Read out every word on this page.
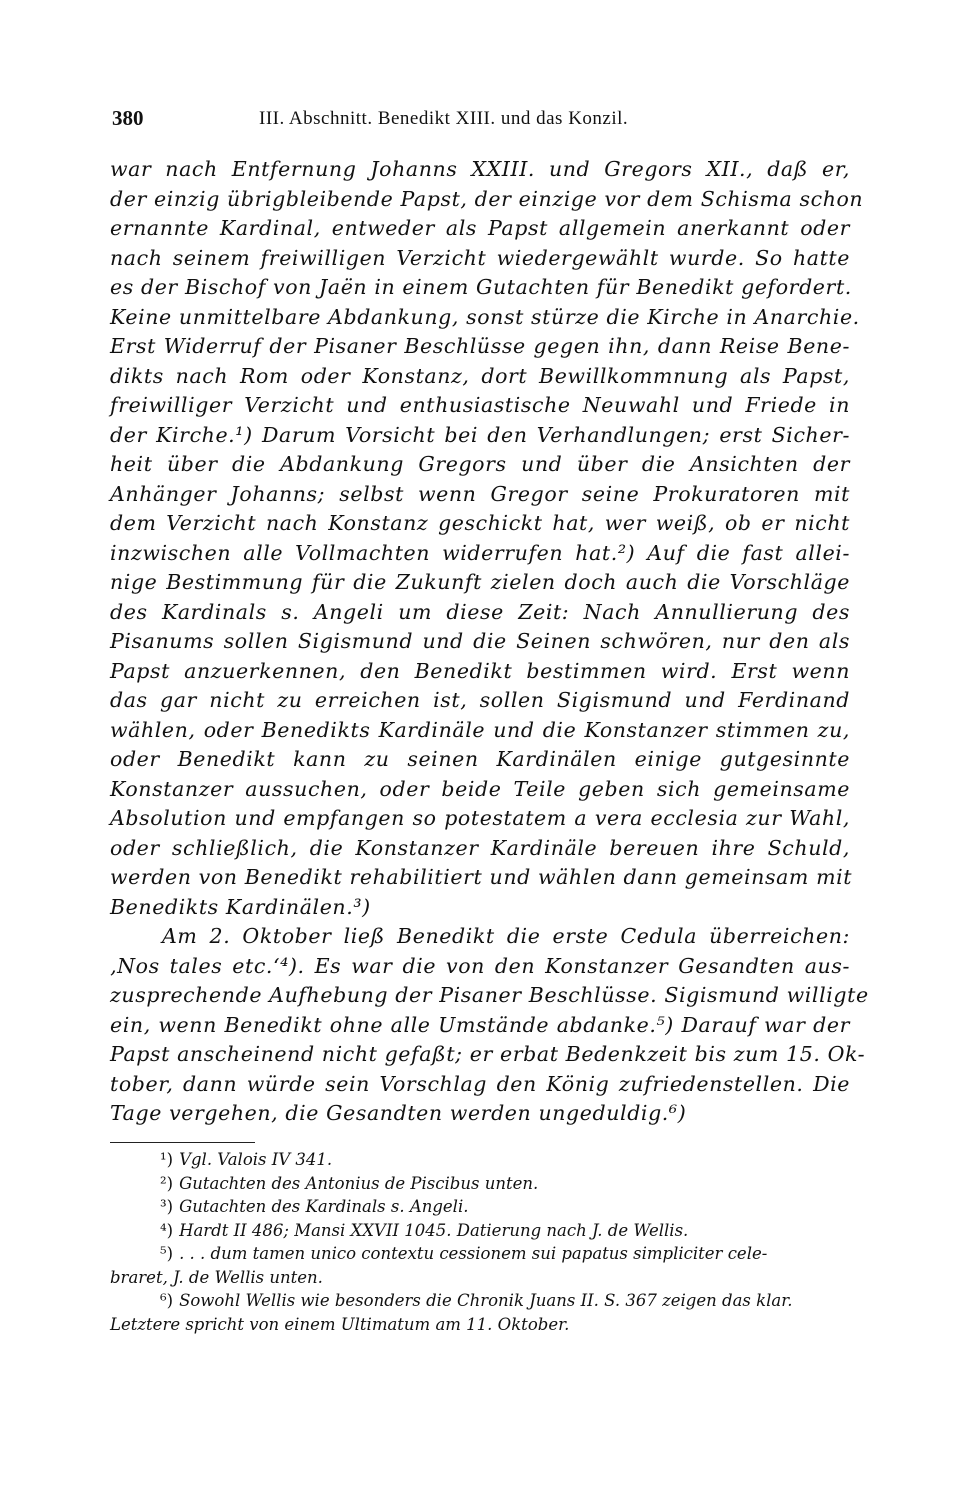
380	III. Abschnitt. Benedikt XIII. und das Konzil.
war nach Entfernung Johanns XXIII. und Gregors XII., daß er,
der einzig übrigbleibende Papst, der einzige vor dem Schisma schon
ernannte Kardinal, entweder als Papst allgemein anerkannt oder
nach seinem freiwilligen Verzicht wiedergewählt wurde. So hatte
es der Bischof von Jaën in einem Gutachten für Benedikt gefordert.
Keine unmittelbare Abdankung, sonst stürze die Kirche in Anarchie.
Erst Widerruf der Pisaner Beschlüsse gegen ihn, dann Reise Bene-
dikts nach Rom oder Konstanz, dort Bewillkommnung als Papst,
freiwilliger Verzicht und enthusiastische Neuwahl und Friede in
der Kirche.¹) Darum Vorsicht bei den Verhandlungen; erst Sicher-
heit über die Abdankung Gregors und über die Ansichten der
Anhänger Johanns; selbst wenn Gregor seine Prokuratoren mit
dem Verzicht nach Konstanz geschickt hat, wer weiß, ob er nicht
inzwischen alle Vollmachten widerrufen hat.²) Auf die fast allei-
nige Bestimmung für die Zukunft zielen doch auch die Vorschläge
des Kardinals s. Angeli um diese Zeit: Nach Annullierung des
Pisanums sollen Sigismund und die Seinen schwören, nur den als
Papst anzuerkennen, den Benedikt bestimmen wird. Erst wenn
das gar nicht zu erreichen ist, sollen Sigismund und Ferdinand
wählen, oder Benedikts Kardinäle und die Konstanzer stimmen zu,
oder Benedikt kann zu seinen Kardinälen einige gutgesinnte
Konstanzer aussuchen, oder beide Teile geben sich gemeinsame
Absolution und empfangen so potestatem a vera ecclesia zur Wahl,
oder schließlich, die Konstanzer Kardinäle bereuen ihre Schuld,
werden von Benedikt rehabilitiert und wählen dann gemeinsam mit
Benedikts Kardinälen.³)
Am 2. Oktober ließ Benedikt die erste Cedula überreichen:
‚Nos tales etc.‘⁴). Es war die von den Konstanzer Gesandten aus-
zusprechende Aufhebung der Pisaner Beschlüsse. Sigismund willigte
ein, wenn Benedikt ohne alle Umstände abdanke.⁵) Darauf war der
Papst anscheinend nicht gefaßt; er erbat Bedenkzeit bis zum 15. Ok-
tober, dann würde sein Vorschlag den König zufriedenstellen. Die
Tage vergehen, die Gesandten werden ungeduldig.⁶)
¹) Vgl. Valois IV 341.
²) Gutachten des Antonius de Piscibus unten.
³) Gutachten des Kardinals s. Angeli.
⁴) Hardt II 486; Mansi XXVII 1045. Datierung nach J. de Wellis.
⁵) . . . dum tamen unico contextu cessionem sui papatus simpliciter cele-
braret, J. de Wellis unten.
⁶) Sowohl Wellis wie besonders die Chronik Juans II. S. 367 zeigen das klar.
Letztere spricht von einem Ultimatum am 11. Oktober.
